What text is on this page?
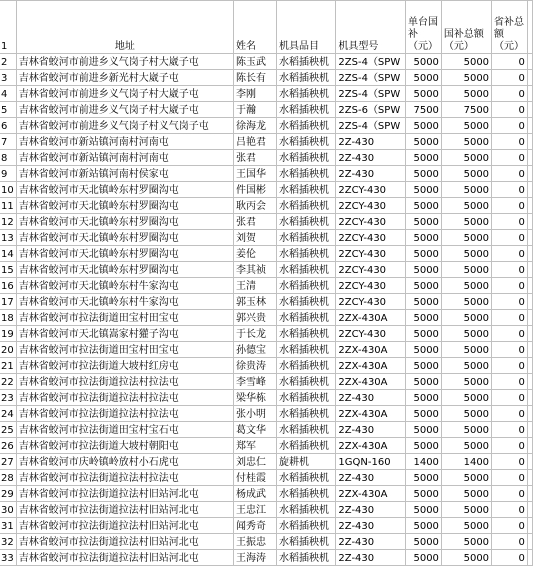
1	地址	姓名	机具品目	机具型号	单台国补（元）	国补总额（元）	省补总额（元）	
2	吉林省蛟河市前进乡义气岗子村大崴子屯	陈玉武	水稻插秧机	2ZS-4（SPW	5000	5000	0	
3	吉林省蛟河市前进乡新光村大崴子屯	陈长有	水稻插秧机	2ZS-4（SPW	5000	5000	0	
4	吉林省蛟河市前进乡义气岗子村大崴子屯	李刚	水稻插秧机	2ZS-4（SPW	5000	5000	0	
5	吉林省蛟河市前进乡义气岗子村大崴子屯	于瀚	水稻插秧机	2ZS-6（SPW	7500	7500	0	
6	吉林省蛟河市前进乡义气岗子村义气岗子屯	徐海龙	水稻插秧机	2ZS-4（SPW	5000	5000	0	
7	吉林省蛟河市新站镇河南村河南屯	吕艳君	水稻插秧机	2Z-430	5000	5000	0	
8	吉林省蛟河市新站镇河南村河南屯	张君	水稻插秧机	2Z-430	5000	5000	0	
9	吉林省蛟河市新站镇河南村侯家屯	王国华	水稻插秧机	2Z-430	5000	5000	0	
10	吉林省蛟河市天北镇岭东村罗圈沟屯	件国彬	水稻插秧机	2ZCY-430	5000	5000	0	
11	吉林省蛟河市天北镇岭东村罗圈沟屯	耿丙会	水稻插秧机	2ZCY-430	5000	5000	0	
12	吉林省蛟河市天北镇岭东村罗圈沟屯	张君	水稻插秧机	2ZCY-430	5000	5000	0	
13	吉林省蛟河市天北镇岭东村罗圈沟屯	刘贺	水稻插秧机	2ZCY-430	5000	5000	0	
14	吉林省蛟河市天北镇岭东村罗圈沟屯	姜伦	水稻插秧机	2ZCY-430	5000	5000	0	
15	吉林省蛟河市天北镇岭东村罗圈沟屯	李其祯	水稻插秧机	2ZCY-430	5000	5000	0	
16	吉林省蛟河市天北镇岭东村牛家沟屯	王清	水稻插秧机	2ZCY-430	5000	5000	0	
17	吉林省蛟河市天北镇岭东村牛家沟屯	郭玉林	水稻插秧机	2ZCY-430	5000	5000	0	
18	吉林省蛟河市拉法街道田宝村田宝屯	郭兴贵	水稻插秧机	2ZX-430A	5000	5000	0	
19	吉林省蛟河市天北镇嵩家村獾子沟屯	于长龙	水稻插秧机	2ZCY-430	5000	5000	0	
20	吉林省蛟河市拉法街道田宝村田宝屯	孙德宝	水稻插秧机	2ZX-430A	5000	5000	0	
21	吉林省蛟河市拉法街道大坡村红房屯	徐贵涛	水稻插秧机	2ZX-430A	5000	5000	0	
22	吉林省蛟河市拉法街道拉法村拉法屯	李雪峰	水稻插秧机	2ZX-430A	5000	5000	0	
23	吉林省蛟河市拉法街道拉法村拉法屯	梁华栋	水稻插秧机	2Z-430	5000	5000	0	
24	吉林省蛟河市拉法街道拉法村拉法屯	张小明	水稻插秧机	2ZX-430A	5000	5000	0	
25	吉林省蛟河市拉法街道田宝村宝石屯	葛文华	水稻插秧机	2Z-430	5000	5000	0	
26	吉林省蛟河市拉法街道大坡村朝阳屯	郑军	水稻插秧机	2ZX-430A	5000	5000	0	
27	吉林省蛟河市庆岭镇岭放村小石虎屯	刘忠仁	旋耕机	1GQN-160	1400	1400	0	
28	吉林省蛟河市拉法街道拉法村拉法屯	付桂霞	水稻插秧机	2Z-430	5000	5000	0	
29	吉林省蛟河市拉法街道拉法村旧站河北屯	杨成武	水稻插秧机	2ZX-430A	5000	5000	0	
30	吉林省蛟河市拉法街道拉法村旧站河北屯	王忠江	水稻插秧机	2Z-430	5000	5000	0	
31	吉林省蛟河市拉法街道拉法村旧站河北屯	闻秀奇	水稻插秧机	2Z-430	5000	5000	0	
32	吉林省蛟河市拉法街道拉法村旧站河北屯	王振忠	水稻插秧机	2Z-430	5000	5000	0	
33	吉林省蛟河市拉法街道拉法村旧站河北屯	王海涛	水稻插秧机	2Z-430	5000	5000	0	
